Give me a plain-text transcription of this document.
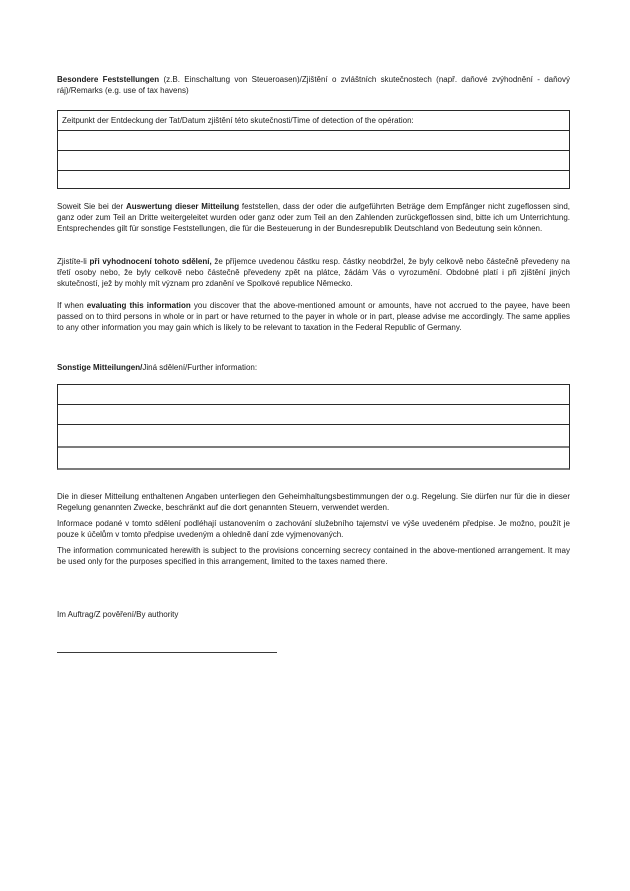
Besondere Feststellungen (z.B. Einschaltung von Steueroasen)/Zjištění o zvláštních skutečnostech (např. daňové zvýhodnění - daňový ráj)/Remarks (e.g. use of tax havens)
Zeitpunkt der Entdeckung der Tat/Datum zjištění této skutečnosti/Time of detection of the opération:
Soweit Sie bei der Auswertung dieser Mitteilung feststellen, dass der oder die aufgeführten Beträge dem Empfänger nicht zugeflossen sind, ganz oder zum Teil an Dritte weitergeleitet wurden oder ganz oder zum Teil an den Zahlenden zurückgeflossen sind, bitte ich um Unterrichtung. Entsprechendes gilt für sonstige Feststellungen, die für die Besteuerung in der Bundesrepublik Deutschland von Bedeutung sein können.
Zjistíte-li při vyhodnocení tohoto sdělení, že příjemce uvedenou částku resp. částky neobdržel, že byly celkově nebo částečně převedeny na třetí osoby nebo, že byly celkově nebo částečně převedeny zpět na plátce, žádám Vás o vyrozumění. Obdobné platí i při zjištění jiných skutečností, jež by mohly mít význam pro zdanění ve Spolkové republice Německo.
If when evaluating this information you discover that the above-mentioned amount or amounts, have not accrued to the payee, have been passed on to third persons in whole or in part or have returned to the payer in whole or in part, please advise me accordingly. The same applies to any other information you may gain which is likely to be relevant to taxation in the Federal Republic of Germany.
Sonstige Mitteilungen/Jiná sdělení/Further information:
Die in dieser Mitteilung enthaltenen Angaben unterliegen den Geheimhaltungsbestimmungen der o.g. Regelung. Sie dürfen nur für die in dieser Regelung genannten Zwecke, beschränkt auf die dort genannten Steuern, verwendet werden.
Informace podané v tomto sdělení podléhají ustanovením o zachování služebního tajemství ve výše uvedeném předpise. Je možno, použít je pouze k účelům v tomto předpise uvedeným a ohledně daní zde vyjmenovaných.
The information communicated herewith is subject to the provisions concerning secrecy contained in the above-mentioned arrangement. It may be used only for the purposes specified in this arrangement, limited to the taxes named there.
Im Auftrag/Z pověření/By authority
